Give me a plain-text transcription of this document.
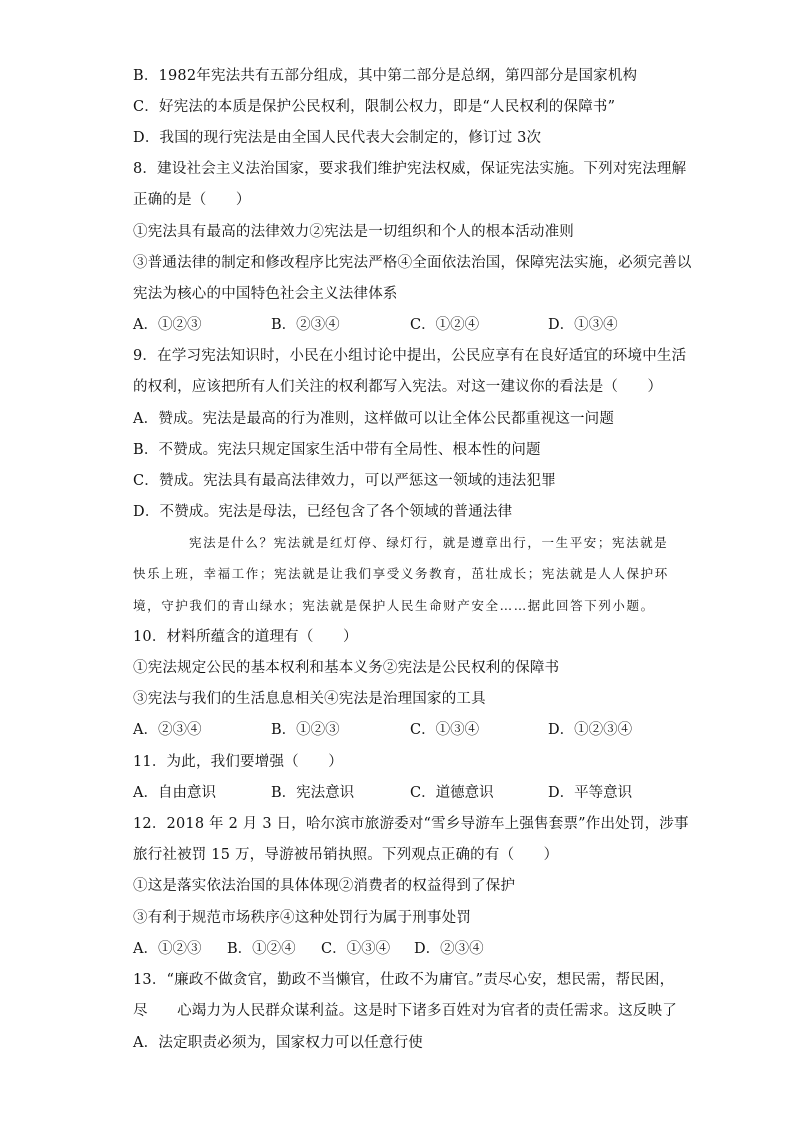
B．1982年宪法共有五部分组成，其中第二部分是总纲，第四部分是国家机构
C．好宪法的本质是保护公民权利，限制公权力，即是“人民权利的保障书”
D．我国的现行宪法是由全国人民代表大会制定的，修订过 3次
8．建设社会主义法治国家，要求我们维护宪法权威，保证宪法实施。下列对宪法理解
正确的是（　　）
①宪法具有最高的法律效力②宪法是一切组织和个人的根本活动准则
③普通法律的制定和修改程序比宪法严格④全面依法治国，保障宪法实施，必须完善以
宪法为核心的中国特色社会主义法律体系
A．①②③	B．②③④	C．①②④	D．①③④
9．在学习宪法知识时，小民在小组讨论中提出，公民应享有在良好适宜的环境中生活
的权利，应该把所有人们关注的权利都写入宪法。对这一建议你的看法是（　　）
A．赞成。宪法是最高的行为准则，这样做可以让全体公民都重视这一问题
B．不赞成。宪法只规定国家生活中带有全局性、根本性的问题
C．赞成。宪法具有最高法律效力，可以严惩这一领域的违法犯罪
D．不赞成。宪法是母法，已经包含了各个领域的普通法律
宪法是什么？宪法就是红灯停、绿灯行，就是遵章出行，一生平安；宪法就是
快乐上班，幸福工作；宪法就是让我们享受义务教育，茁壮成长；宪法就是人人保护环
境，守护我们的青山绿水；宪法就是保护人民生命财产安全……据此回答下列小题。
10．材料所蕴含的道理有（　　）
①宪法规定公民的基本权利和基本义务②宪法是公民权利的保障书
③宪法与我们的生活息息相关④宪法是治理国家的工具
A．②③④	B．①②③	C．①③④	D．①②③④
11．为此，我们要增强（　　）
A．自由意识	B．宪法意识	C．道德意识	D．平等意识
12．2018 年 2 月 3 日，哈尔滨市旅游委对“雪乡导游车上强售套票”作出处罚，涉事
旅行社被罚 15 万，导游被吊销执照。下列观点正确的有（　　）
①这是落实依法治国的具体体现②消费者的权益得到了保护
③有利于规范市场秩序④这种处罚行为属于刑事处罚
A．①②③ B．①②④ C．①③④ D．②③④
13．“廉政不做贪官，勤政不当懒官，仕政不为庸官。”责尽心安，想民需，帮民困，
尽　　心竭力为人民群众谋利益。这是时下诸多百姓对为官者的责任需求。这反映了
A．法定职责必须为，国家权力可以任意行使
